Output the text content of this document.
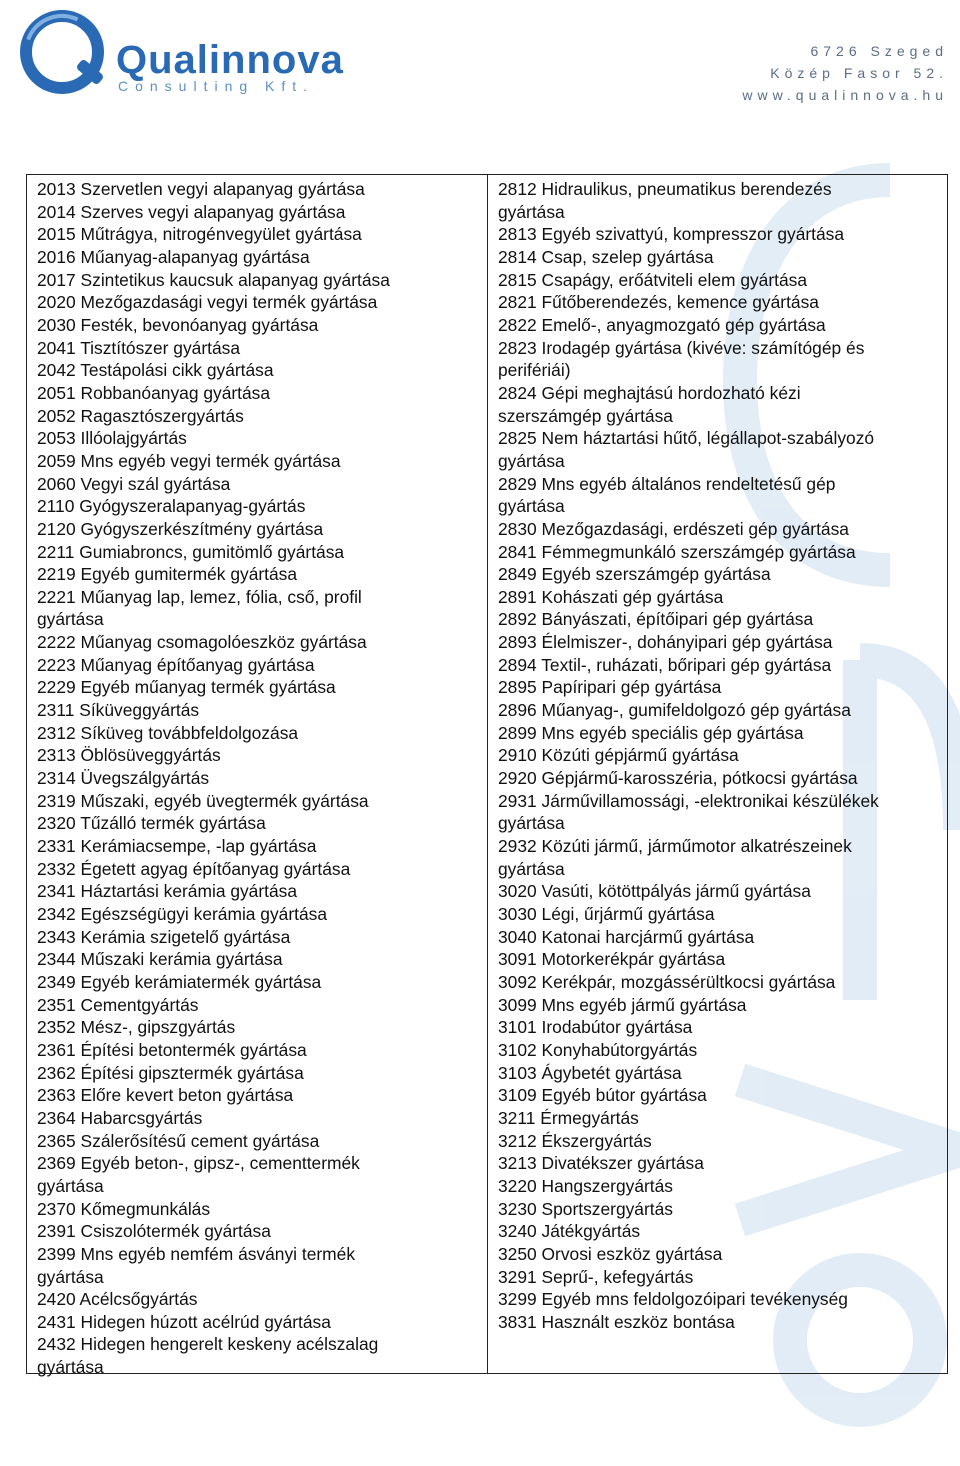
Qualinnova
Consulting Kft.
6726 Szeged
Közép Fasor 52.
www.qualinnova.hu
2013 Szervetlen vegyi alapanyag gyártása
2014 Szerves vegyi alapanyag gyártása
2015 Műtrágya, nitrogénvegyület gyártása
2016 Műanyag-alapanyag gyártása
2017 Szintetikus kaucsuk alapanyag gyártása
2020 Mezőgazdasági vegyi termék gyártása
2030 Festék, bevonóanyag gyártása
2041 Tisztítószer gyártása
2042 Testápolási cikk gyártása
2051 Robbanóanyag gyártása
2052 Ragasztószergyártás
2053 Illóolajgyártás
2059 Mns egyéb vegyi termék gyártása
2060 Vegyi szál gyártása
2110 Gyógyszeralapanyag-gyártás
2120 Gyógyszerkészítmény gyártása
2211 Gumiabroncs, gumitömlő gyártása
2219 Egyéb gumitermék gyártása
2221 Műanyag lap, lemez, fólia, cső, profil
gyártása
2222 Műanyag csomagolóeszköz gyártása
2223 Műanyag építőanyag gyártása
2229 Egyéb műanyag termék gyártása
2311 Síküveggyártás
2312 Síküveg továbbfeldolgozása
2313 Öblösüveggyártás
2314 Üvegszálgyártás
2319 Műszaki, egyéb üvegtermék gyártása
2320 Tűzálló termék gyártása
2331 Kerámiacsempe, -lap gyártása
2332 Égetett agyag építőanyag gyártása
2341 Háztartási kerámia gyártása
2342 Egészségügyi kerámia gyártása
2343 Kerámia szigetelő gyártása
2344 Műszaki kerámia gyártása
2349 Egyéb kerámiatermék gyártása
2351 Cementgyártás
2352 Mész-, gipszgyártás
2361 Építési betontermék gyártása
2362 Építési gipsztermék gyártása
2363 Előre kevert beton gyártása
2364 Habarcsgyártás
2365 Szálerősítésű cement gyártása
2369 Egyéb beton-, gipsz-, cementtermék
gyártása
2370 Kőmegmunkálás
2391 Csiszolótermék gyártása
2399 Mns egyéb nemfém ásványi termék
gyártása
2420 Acélcsőgyártás
2431 Hidegen húzott acélrúd gyártása
2432 Hidegen hengerelt keskeny acélszalag
gyártása
2812 Hidraulikus, pneumatikus berendezés
gyártása
2813 Egyéb szivattyú, kompresszor gyártása
2814 Csap, szelep gyártása
2815 Csapágy, erőátviteli elem gyártása
2821 Fűtőberendezés, kemence gyártása
2822 Emelő-, anyagmozgató gép gyártása
2823 Irodagép gyártása (kivéve: számítógép és
perifériái)
2824 Gépi meghajtású hordozható kézi
szerszámgép gyártása
2825 Nem háztartási hűtő, légállapot-szabályozó
gyártása
2829 Mns egyéb általános rendeltetésű gép
gyártása
2830 Mezőgazdasági, erdészeti gép gyártása
2841 Fémmegmunkáló szerszámgép gyártása
2849 Egyéb szerszámgép gyártása
2891 Kohászati gép gyártása
2892 Bányászati, építőipari gép gyártása
2893 Élelmiszer-, dohányipari gép gyártása
2894 Textil-, ruházati, bőripari gép gyártása
2895 Papíripari gép gyártása
2896 Műanyag-, gumifeldolgozó gép gyártása
2899 Mns egyéb speciális gép gyártása
2910 Közúti gépjármű gyártása
2920 Gépjármű-karosszéria, pótkocsi gyártása
2931 Járművillamossági, -elektronikai készülékek
gyártása
2932 Közúti jármű, járműmotor alkatrészeinek
gyártása
3020 Vasúti, kötöttpályás jármű gyártása
3030 Légi, űrjármű gyártása
3040 Katonai harcjármű gyártása
3091 Motorkerékpár gyártása
3092 Kerékpár, mozgássérültkocsi gyártása
3099 Mns egyéb jármű gyártása
3101 Irodabútor gyártása
3102 Konyhabútorgyártás
3103 Ágybetét gyártása
3109 Egyéb bútor gyártása
3211 Érmegyártás
3212 Ékszergyártás
3213 Divatékszer gyártása
3220 Hangszergyártás
3230 Sportszergyártás
3240 Játékgyártás
3250 Orvosi eszköz gyártása
3291 Seprű-, kefegyártás
3299 Egyéb mns feldolgozóipari tevékenység
3831 Használt eszköz bontása
